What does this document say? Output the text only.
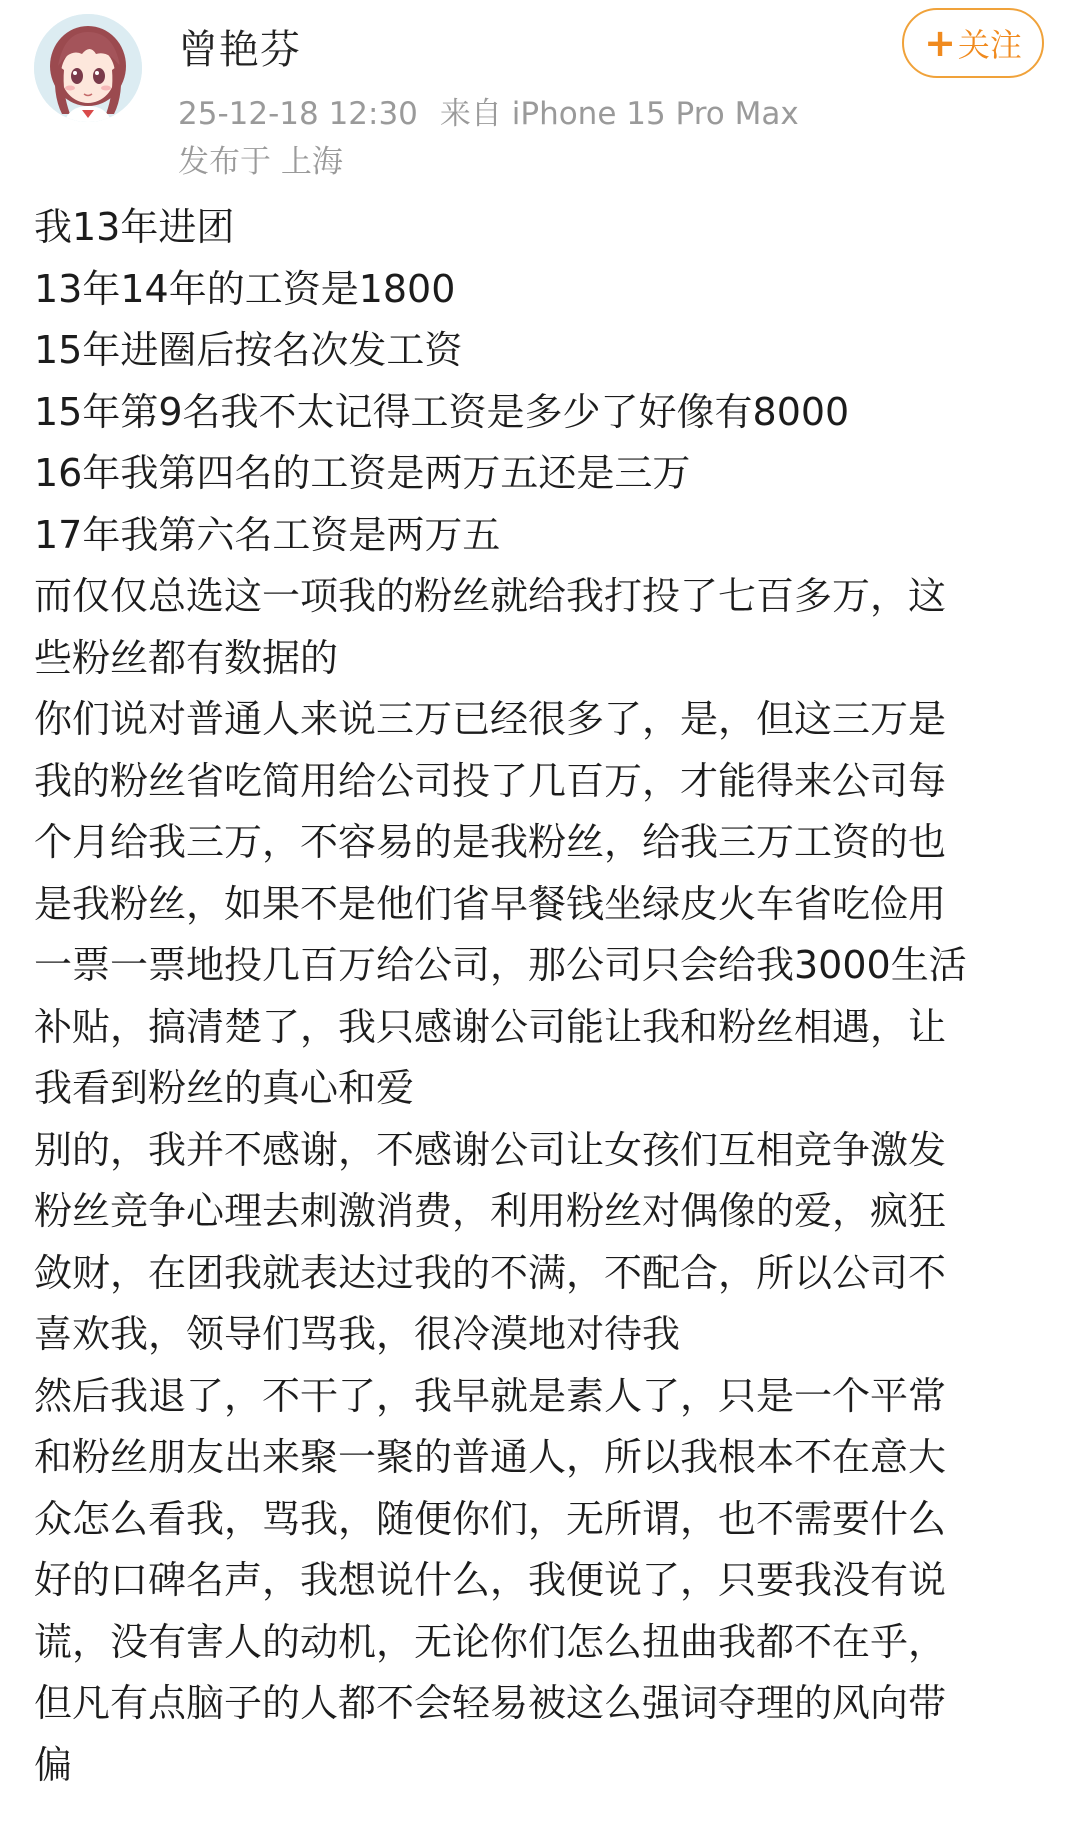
曾艳芬
25-12-18 12:30 来自 iPhone 15 Pro Max
发布于 上海
+ 关注
我13年进团
13年14年的工资是1800
15年进圈后按名次发工资
15年第9名我不太记得工资是多少了好像有8000
16年我第四名的工资是两万五还是三万
17年我第六名工资是两万五
而仅仅总选这一项我的粉丝就给我打投了七百多万，这
些粉丝都有数据的
你们说对普通人来说三万已经很多了，是，但这三万是
我的粉丝省吃简用给公司投了几百万，才能得来公司每
个月给我三万，不容易的是我粉丝，给我三万工资的也
是我粉丝，如果不是他们省早餐钱坐绿皮火车省吃俭用
一票一票地投几百万给公司，那公司只会给我3000生活
补贴，搞清楚了，我只感谢公司能让我和粉丝相遇，让
我看到粉丝的真心和爱
别的，我并不感谢，不感谢公司让女孩们互相竞争激发
粉丝竞争心理去刺激消费，利用粉丝对偶像的爱，疯狂
敛财，在团我就表达过我的不满，不配合，所以公司不
喜欢我，领导们骂我，很冷漠地对待我
然后我退了，不干了，我早就是素人了，只是一个平常
和粉丝朋友出来聚一聚的普通人，所以我根本不在意大
众怎么看我，骂我，随便你们，无所谓，也不需要什么
好的口碑名声，我想说什么，我便说了，只要我没有说
谎，没有害人的动机，无论你们怎么扭曲我都不在乎，
但凡有点脑子的人都不会轻易被这么强词夺理的风向带
偏
